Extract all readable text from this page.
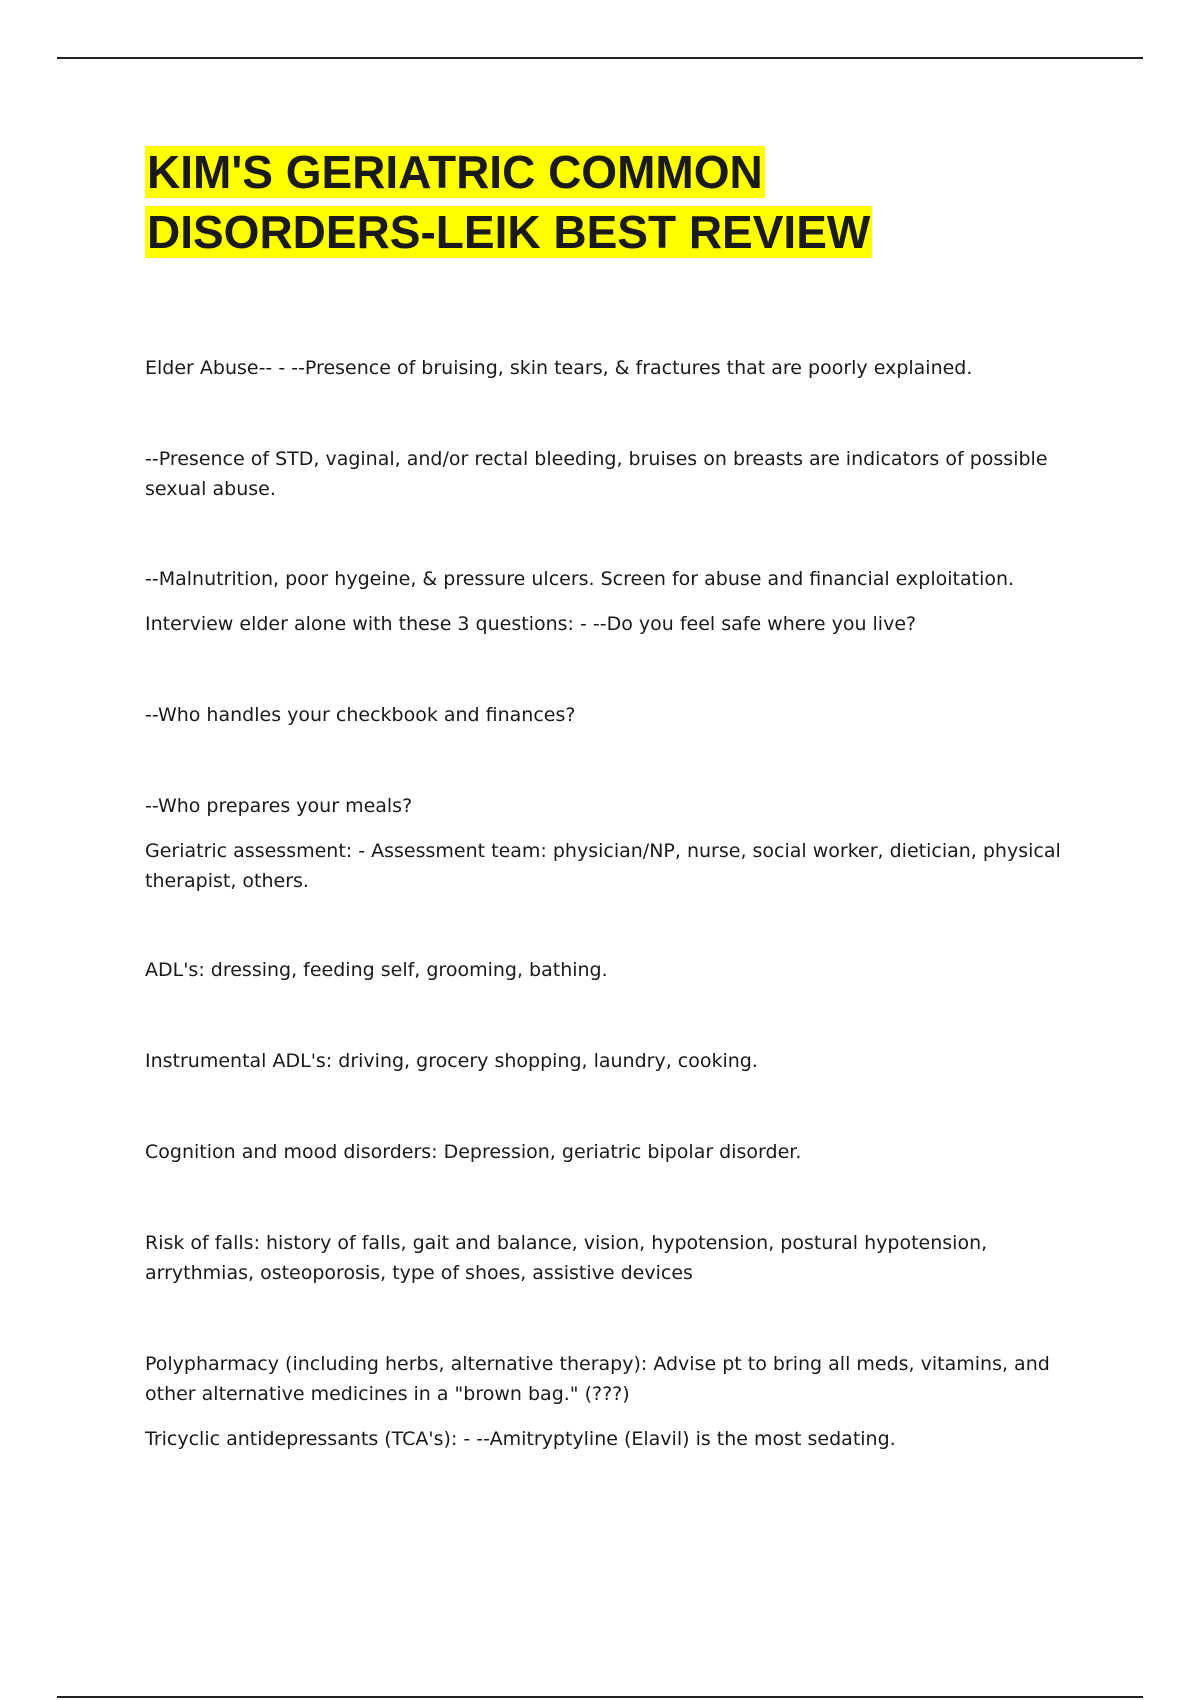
KIM'S GERIATRIC COMMON
DISORDERS-LEIK BEST REVIEW

Elder Abuse-- - --Presence of bruising, skin tears, & fractures that are poorly explained.

--Presence of STD, vaginal, and/or rectal bleeding, bruises on breasts are indicators of possible sexual abuse.

--Malnutrition, poor hygeine, & pressure ulcers. Screen for abuse and financial exploitation.

Interview elder alone with these 3 questions: - --Do you feel safe where you live?

--Who handles your checkbook and finances?

--Who prepares your meals?

Geriatric assessment: - Assessment team: physician/NP, nurse, social worker, dietician, physical therapist, others.

ADL's: dressing, feeding self, grooming, bathing.

Instrumental ADL's: driving, grocery shopping, laundry, cooking.

Cognition and mood disorders: Depression, geriatric bipolar disorder.

Risk of falls: history of falls, gait and balance, vision, hypotension, postural hypotension, arrythmias, osteoporosis, type of shoes, assistive devices

Polypharmacy (including herbs, alternative therapy): Advise pt to bring all meds, vitamins, and other alternative medicines in a "brown bag." (???)

Tricyclic antidepressants (TCA's): - --Amitryptyline (Elavil) is the most sedating.
